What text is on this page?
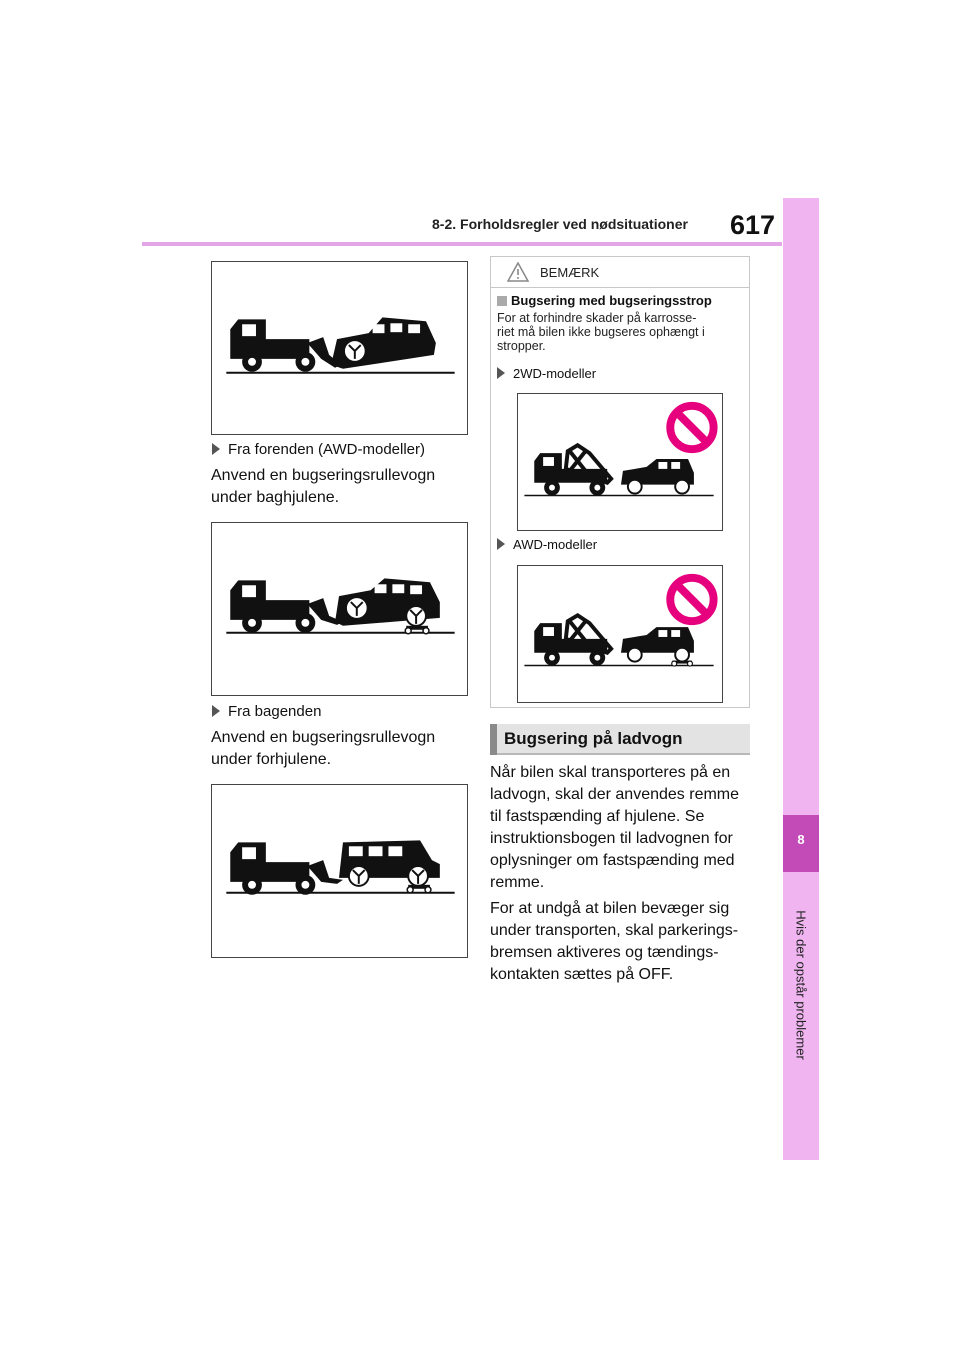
8-2. Forholdsregler ved nødsituationer 617
8
Hvis der opstår problemer
Fra forenden (AWD-modeller)
Anvend en bugseringsrullevogn
under baghjulene.
Fra bagenden
Anvend en bugseringsrullevogn
under forhjulene.
BEMÆRK
Bugsering med bugseringsstrop
For at forhindre skader på karrosse-
riet må bilen ikke bugseres ophængt i
stropper.
2WD-modeller
AWD-modeller
Bugsering på ladvogn
Når bilen skal transporteres på en
ladvogn, skal der anvendes remme
til fastspænding af hjulene. Se
instruktionsbogen til ladvognen for
oplysninger om fastspænding med
remme.
For at undgå at bilen bevæger sig
under transporten, skal parkerings-
bremsen aktiveres og tændings-
kontakten sættes på OFF.
